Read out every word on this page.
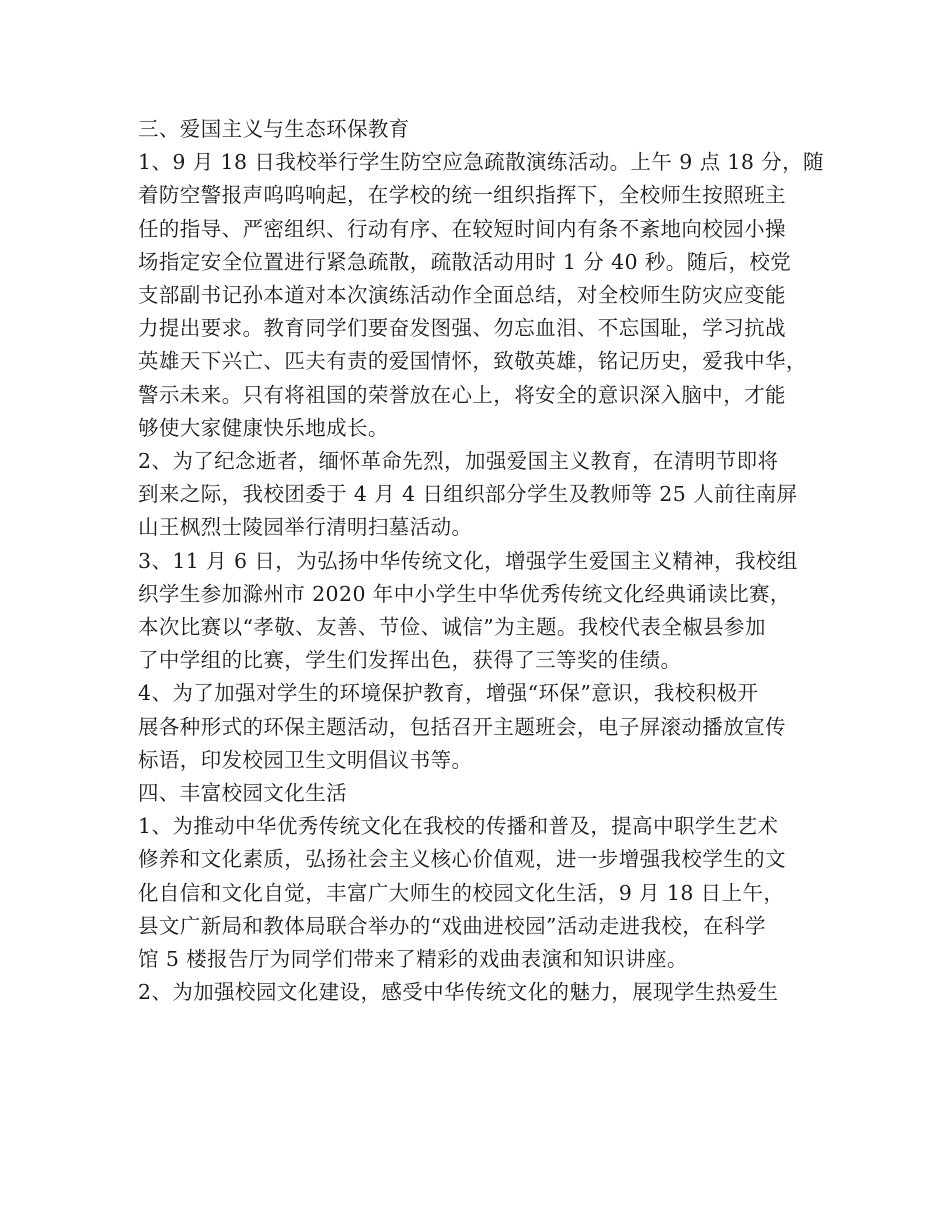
三、爱国主义与生态环保教育
1、9 月 18 日我校举行学生防空应急疏散演练活动。上午 9 点 18 分，随
着防空警报声呜呜响起，在学校的统一组织指挥下，全校师生按照班主
任的指导、严密组织、行动有序、在较短时间内有条不紊地向校园小操
场指定安全位置进行紧急疏散，疏散活动用时 1 分 40 秒。随后，校党
支部副书记孙本道对本次演练活动作全面总结，对全校师生防灾应变能
力提出要求。教育同学们要奋发图强、勿忘血泪、不忘国耻，学习抗战
英雄天下兴亡、匹夫有责的爱国情怀，致敬英雄，铭记历史，爱我中华，
警示未来。只有将祖国的荣誉放在心上，将安全的意识深入脑中，才能
够使大家健康快乐地成长。
2、为了纪念逝者，缅怀革命先烈，加强爱国主义教育，在清明节即将
到来之际，我校团委于 4 月 4 日组织部分学生及教师等 25 人前往南屏
山王枫烈士陵园举行清明扫墓活动。
3、11 月 6 日，为弘扬中华传统文化，增强学生爱国主义精神，我校组
织学生参加滁州市 2020 年中小学生中华优秀传统文化经典诵读比赛，
本次比赛以“孝敬、友善、节俭、诚信”为主题。我校代表全椒县参加
了中学组的比赛，学生们发挥出色，获得了三等奖的佳绩。
4、为了加强对学生的环境保护教育，增强“环保”意识，我校积极开
展各种形式的环保主题活动，包括召开主题班会，电子屏滚动播放宣传
标语，印发校园卫生文明倡议书等。
四、丰富校园文化生活
1、为推动中华优秀传统文化在我校的传播和普及，提高中职学生艺术
修养和文化素质，弘扬社会主义核心价值观，进一步增强我校学生的文
化自信和文化自觉，丰富广大师生的校园文化生活，9 月 18 日上午，
县文广新局和教体局联合举办的“戏曲进校园”活动走进我校，在科学
馆 5 楼报告厅为同学们带来了精彩的戏曲表演和知识讲座。
2、为加强校园文化建设，感受中华传统文化的魅力，展现学生热爱生
